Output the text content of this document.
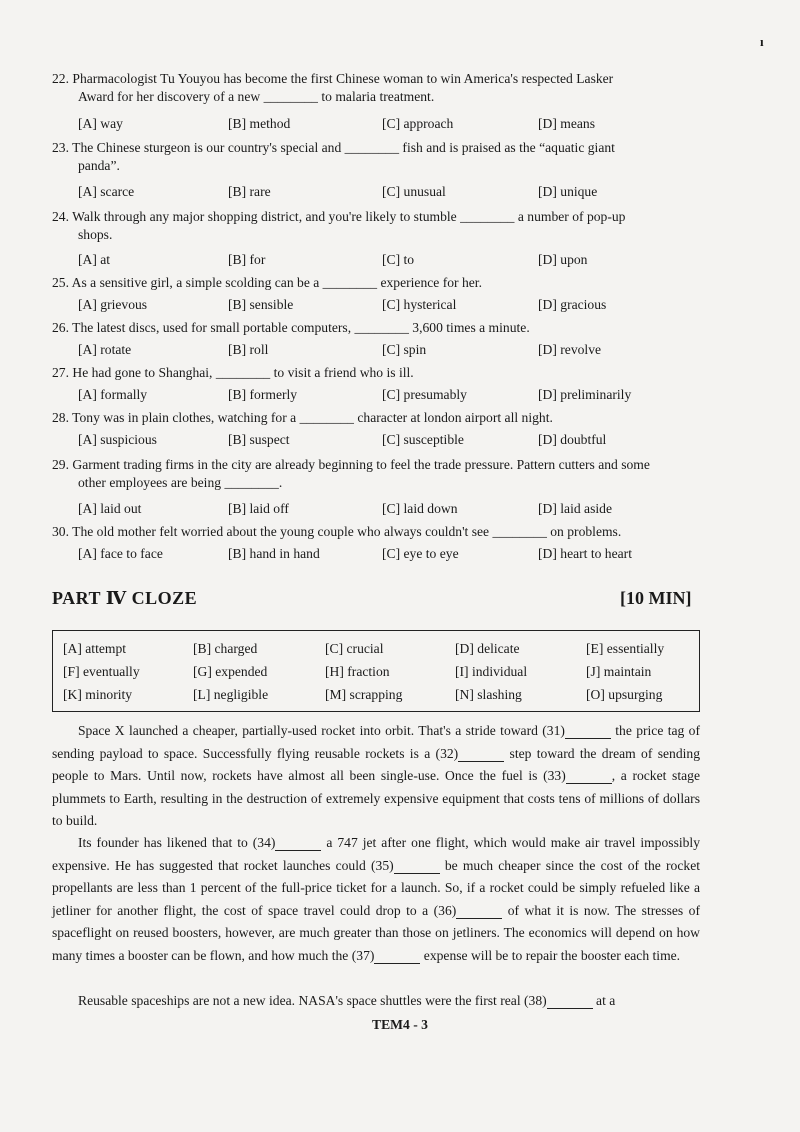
ı
22. Pharmacologist Tu Youyou has become the first Chinese woman to win America's respected Lasker
Award for her discovery of a new ________ to malaria treatment.
[A] way	[B] method	[C] approach	[D] means
23. The Chinese sturgeon is our country's special and ________ fish and is praised as the “aquatic giant
panda”.
[A] scarce	[B] rare	[C] unusual	[D] unique
24. Walk through any major shopping district, and you're likely to stumble ________ a number of pop-up
shops.
[A] at	[B] for	[C] to	[D] upon
25. As a sensitive girl, a simple scolding can be a ________ experience for her.
[A] grievous	[B] sensible	[C] hysterical	[D] gracious
26. The latest discs, used for small portable computers, ________ 3,600 times a minute.
[A] rotate	[B] roll	[C] spin	[D] revolve
27. He had gone to Shanghai, ________ to visit a friend who is ill.
[A] formally	[B] formerly	[C] presumably	[D] preliminarily
28. Tony was in plain clothes, watching for a ________ character at london airport all night.
[A] suspicious	[B] suspect	[C] susceptible	[D] doubtful
29. Garment trading firms in the city are already beginning to feel the trade pressure. Pattern cutters and some
other employees are being ________.
[A] laid out	[B] laid off	[C] laid down	[D] laid aside
30. The old mother felt worried about the young couple who always couldn't see ________ on problems.
[A] face to face	[B] hand in hand	[C] eye to eye	[D] heart to heart
PART Ⅳ CLOZE	[10 MIN]
[A] attempt	[B] charged	[C] crucial	[D] delicate	[E] essentially
[F] eventually	[G] expended	[H] fraction	[I] individual	[J] maintain
[K] minority	[L] negligible	[M] scrapping	[N] slashing	[O] upsurging
Space X launched a cheaper, partially-used rocket into orbit. That's a stride toward (31)	the price tag of sending payload to space. Successfully flying reusable rockets is a (32)	step toward the dream of sending people to Mars. Until now, rockets have almost all been single-use. Once the fuel is (33)	, a rocket stage plummets to Earth, resulting in the destruction of extremely expensive equipment that costs tens of millions of dollars to build.
Its founder has likened that to (34)	a 747 jet after one flight, which would make air travel impossibly expensive. He has suggested that rocket launches could (35)	be much cheaper since the cost of the rocket propellants are less than 1 percent of the full-price ticket for a launch. So, if a rocket could be simply refueled like a jetliner for another flight, the cost of space travel could drop to a (36)	of what it is now. The stresses of spaceflight on reused boosters, however, are much greater than those on jetliners. The economics will depend on how many times a booster can be flown, and how much the (37)	expense will be to repair the booster each time.
Reusable spaceships are not a new idea. NASA's space shuttles were the first real (38)	at a
TEM4 - 3
